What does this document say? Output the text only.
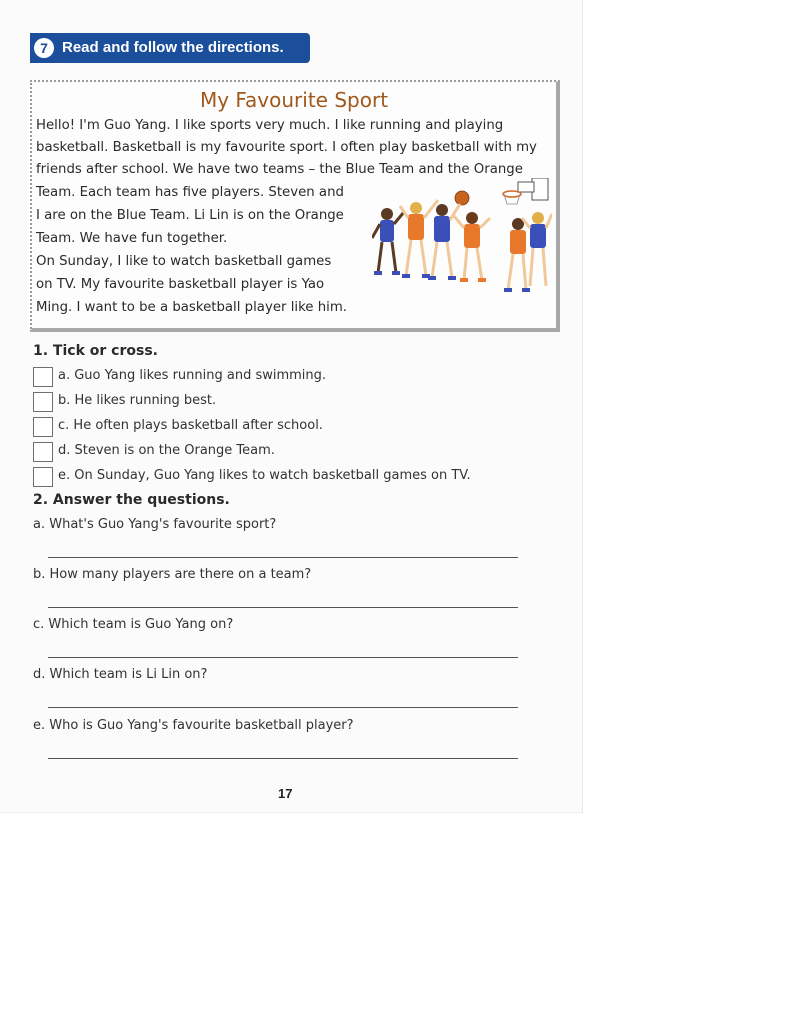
7 Read and follow the directions.
My Favourite Sport
Hello! I'm Guo Yang. I like sports very much. I like running and playing
basketball. Basketball is my favourite sport. I often play basketball with my
friends after school. We have two teams – the Blue Team and the Orange
Team. Each team has five players. Steven and
I are on the Blue Team. Li Lin is on the Orange
Team. We have fun together.
On Sunday, I like to watch basketball games
on TV. My favourite basketball player is Yao
Ming. I want to be a basketball player like him.
1. Tick or cross.
a. Guo Yang likes running and swimming.
b. He likes running best.
c. He often plays basketball after school.
d. Steven is on the Orange Team.
e. On Sunday, Guo Yang likes to watch basketball games on TV.
2. Answer the questions.
a. What's Guo Yang's favourite sport?
b. How many players are there on a team?
c. Which team is Guo Yang on?
d. Which team is Li Lin on?
e. Who is Guo Yang's favourite basketball player?
17
